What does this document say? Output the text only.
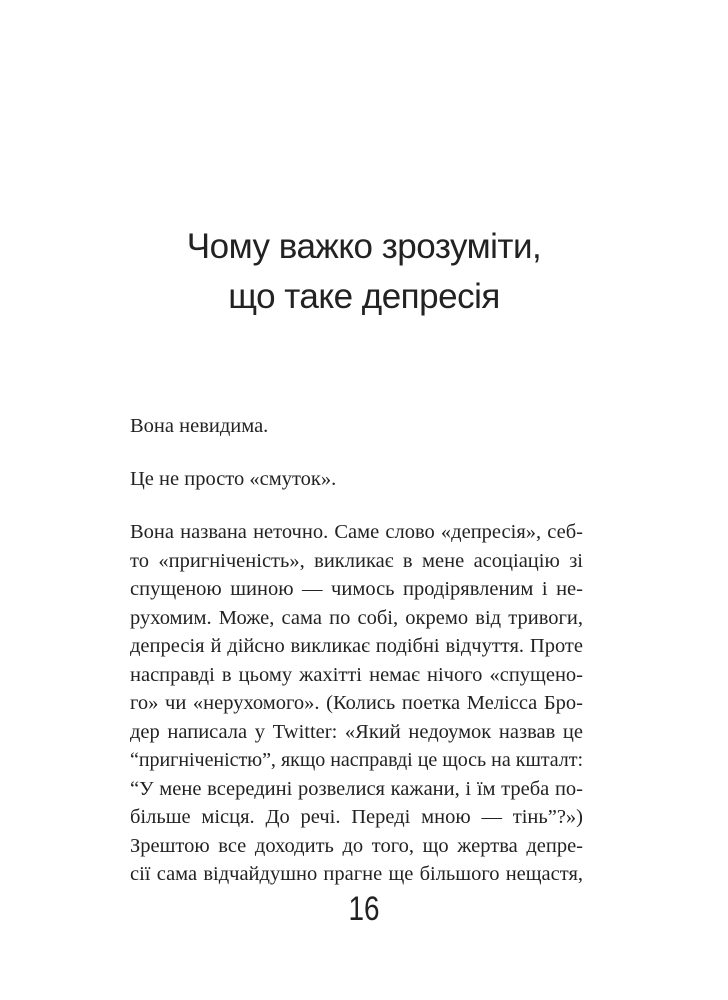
Чому важко зрозуміти,
що таке депресія

Вона невидима.

Це не просто «смуток».

Вона названа неточно. Саме слово «депресія», себ-
то «пригніченість», викликає в мене асоціацію зі
спущеною шиною — чимось продірявленим і не-
рухомим. Може, сама по собі, окремо від тривоги,
депресія й дійсно викликає подібні відчуття. Проте
насправді в цьому жахітті немає нічого «спущено-
го» чи «нерухомого». (Колись поетка Мелісса Бро-
дер написала у Twitter: «Який недоумок назвав це
“пригніченістю”, якщо насправді це щось на кшталт:
“У мене всередині розвелися кажани, і їм треба по-
більше місця. До речі. Переді мною — тінь”?»)
Зрештою все доходить до того, що жертва депре-
сії сама відчайдушно прагне ще більшого нещастя,

16
